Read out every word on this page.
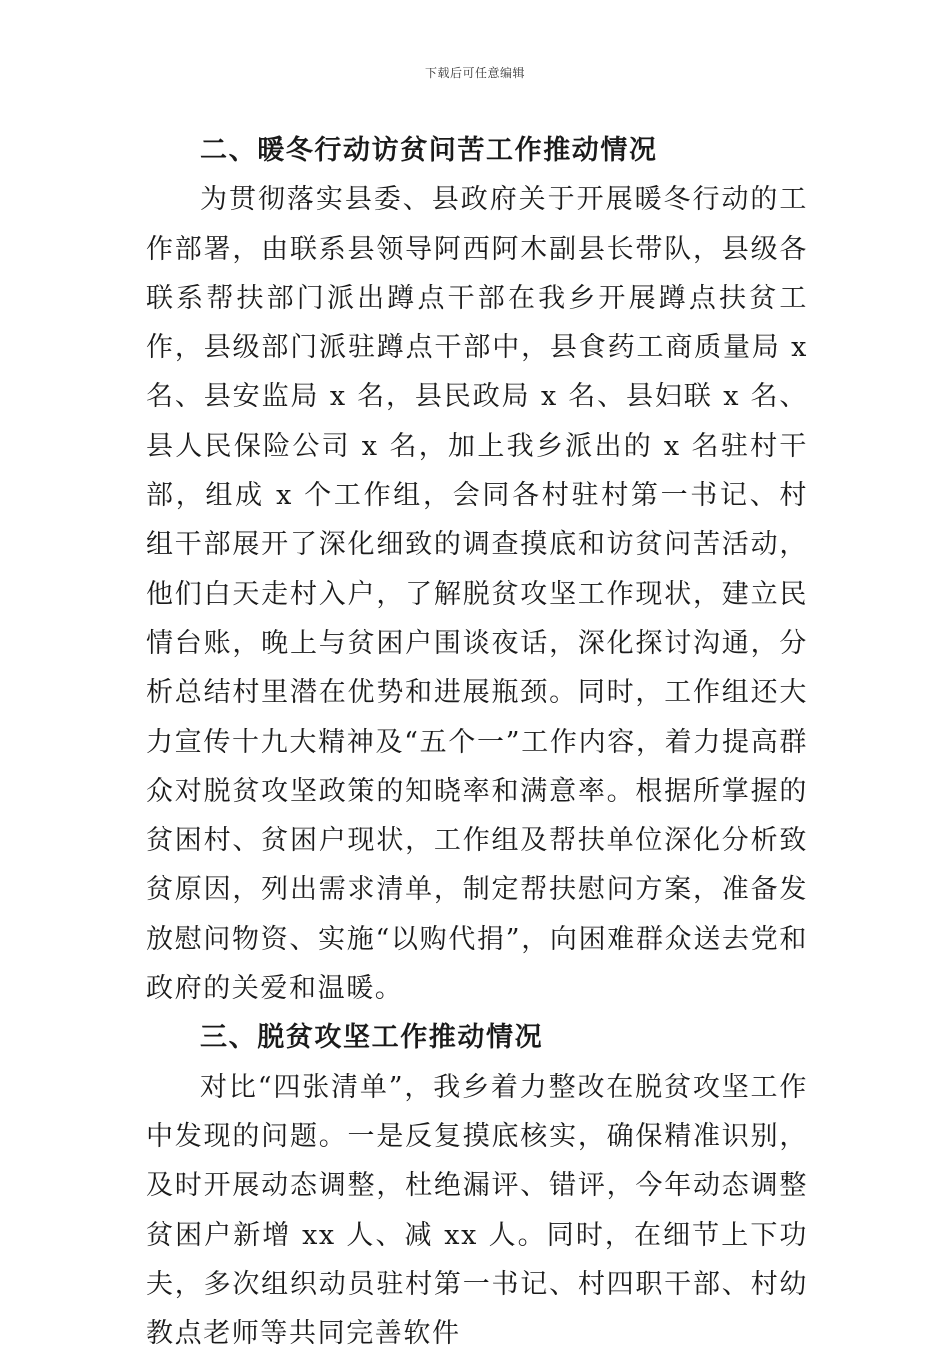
下载后可任意编辑
二、暖冬行动访贫问苦工作推动情况

为贯彻落实县委、县政府关于开展暖冬行动的工作部署，由联系县领导阿西阿木副县长带队，县级各联系帮扶部门派出蹲点干部在我乡开展蹲点扶贫工作，县级部门派驻蹲点干部中，县食药工商质量局 x 名、县安监局 x 名，县民政局 x 名、县妇联 x 名、县人民保险公司 x 名，加上我乡派出的 x 名驻村干部，组成 x 个工作组，会同各村驻村第一书记、村组干部展开了深化细致的调查摸底和访贫问苦活动，他们白天走村入户，了解脱贫攻坚工作现状，建立民情台账，晚上与贫困户围谈夜话，深化探讨沟通，分析总结村里潜在优势和进展瓶颈。同时，工作组还大力宣传十九大精神及“五个一”工作内容，着力提高群众对脱贫攻坚政策的知晓率和满意率。根据所掌握的贫困村、贫困户现状，工作组及帮扶单位深化分析致贫原因，列出需求清单，制定帮扶慰问方案，准备发放慰问物资、实施“以购代捐”，向困难群众送去党和政府的关爱和温暖。

三、脱贫攻坚工作推动情况

对比“四张清单”，我乡着力整改在脱贫攻坚工作中发现的问题。一是反复摸底核实，确保精准识别，及时开展动态调整，杜绝漏评、错评，今年动态调整贫困户新增 xx 人、减 xx 人。同时，在细节上下功夫，多次组织动员驻村第一书记、村四职干部、村幼教点老师等共同完善软件
